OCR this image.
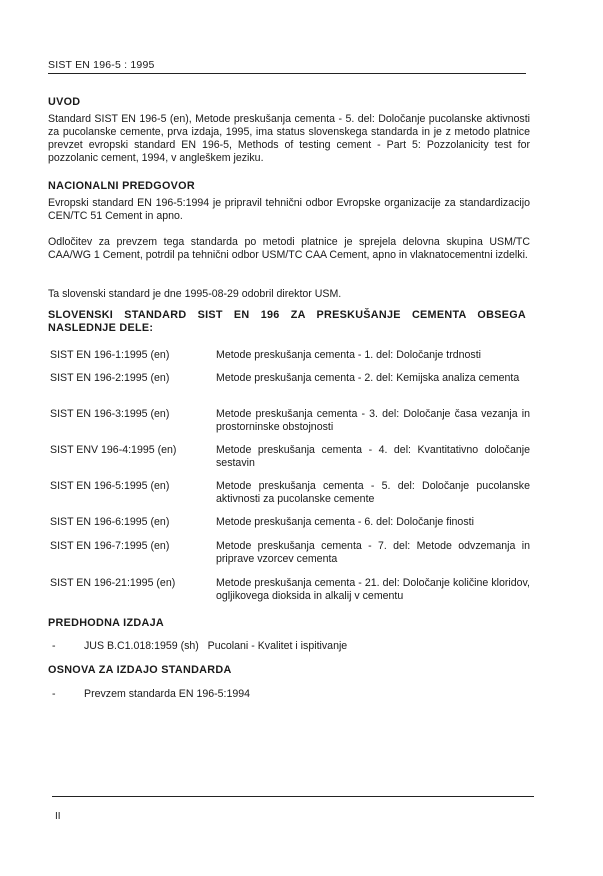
SIST EN 196-5 : 1995
UVOD

Standard SIST EN 196-5 (en), Metode preskušanja cementa - 5. del: Določanje pucolanske aktivnosti za pucolanske cemente, prva izdaja, 1995, ima status slovenskega standarda in je z metodo platnice prevzet evropski standard EN 196-5, Methods of testing cement - Part 5: Pozzolanicity test for pozzolanic cement, 1994, v angleškem jeziku.

NACIONALNI PREDGOVOR

Evropski standard EN 196-5:1994 je pripravil tehnični odbor Evropske organizacije za standardizacijo CEN/TC 51 Cement in apno.

Odločitev za prevzem tega standarda po metodi platnice je sprejela delovna skupina USM/TC CAA/WG 1 Cement, potrdil pa tehnični odbor USM/TC CAA Cement, apno in vlaknatocementni izdelki.

Ta slovenski standard je dne 1995-08-29 odobril direktor USM.

SLOVENSKI STANDARD SIST EN 196 ZA PRESKUŠANJE CEMENTA OBSEGA NASLEDNJE DELE:
SIST EN 196-1:1995 (en)	Metode preskušanja cementa - 1. del: Določanje trdnosti
SIST EN 196-2:1995 (en)	Metode preskušanja cementa - 2. del: Kemijska analiza cementa
SIST EN 196-3:1995 (en)	Metode preskušanja cementa - 3. del: Določanje časa vezanja in prostorninske obstojnosti
SIST ENV 196-4:1995 (en)	Metode preskušanja cementa - 4. del: Kvantitativno določanje sestavin
SIST EN 196-5:1995 (en)	Metode preskušanja cementa - 5. del: Določanje pucolanske aktivnosti za pucolanske cemente
SIST EN 196-6:1995 (en)	Metode preskušanja cementa - 6. del: Določanje finosti
SIST EN 196-7:1995 (en)	Metode preskušanja cementa - 7. del: Metode odvzemanja in priprave vzorcev cementa
SIST EN 196-21:1995 (en)	Metode preskušanja cementa - 21. del: Določanje količine kloridov, ogljikovega dioksida in alkalij v cementu
PREDHODNA IZDAJA
-	JUS B.C1.018:1959 (sh)   Pucolani - Kvalitet i ispitivanje
OSNOVA ZA IZDAJO STANDARDA
-	Prevzem standarda EN 196-5:1994
II
